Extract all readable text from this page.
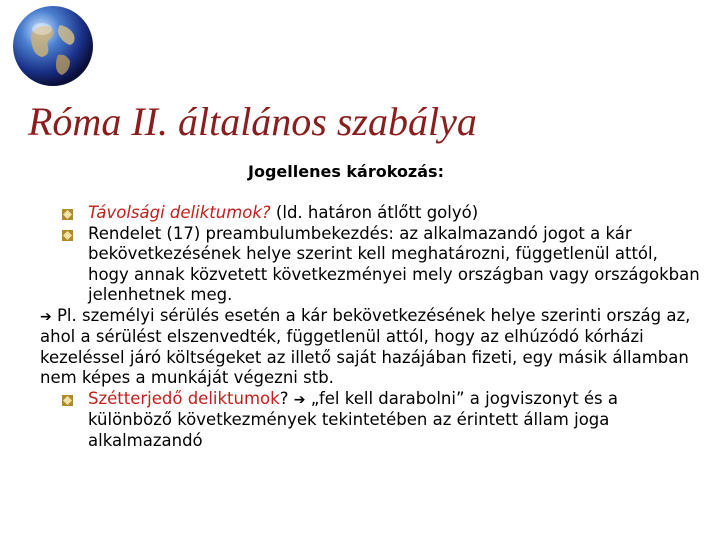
Róma II. általános szabálya
Jogellenes károkozás:
Távolsági deliktumok? (ld. határon átlőtt golyó)
Rendelet (17) preambulumbekezdés: az alkalmazandó jogot a kár bekövetkezésének helye szerint kell meghatározni, függetlenül attól, hogy annak közvetett következményei mely országban vagy országokban jelenhetnek meg.

➔ Pl. személyi sérülés esetén a kár bekövetkezésének helye szerinti ország az, ahol a sérülést elszenvedték, függetlenül attól, hogy az elhúzódó kórházi kezeléssel járó költségeket az illető saját hazájában fizeti, egy másik államban nem képes a munkáját végezni stb.

Szétterjedő deliktumok? ➔ „fel kell darabolni” a jogviszonyt és a különböző következmények tekintetében az érintett állam joga alkalmazandó
